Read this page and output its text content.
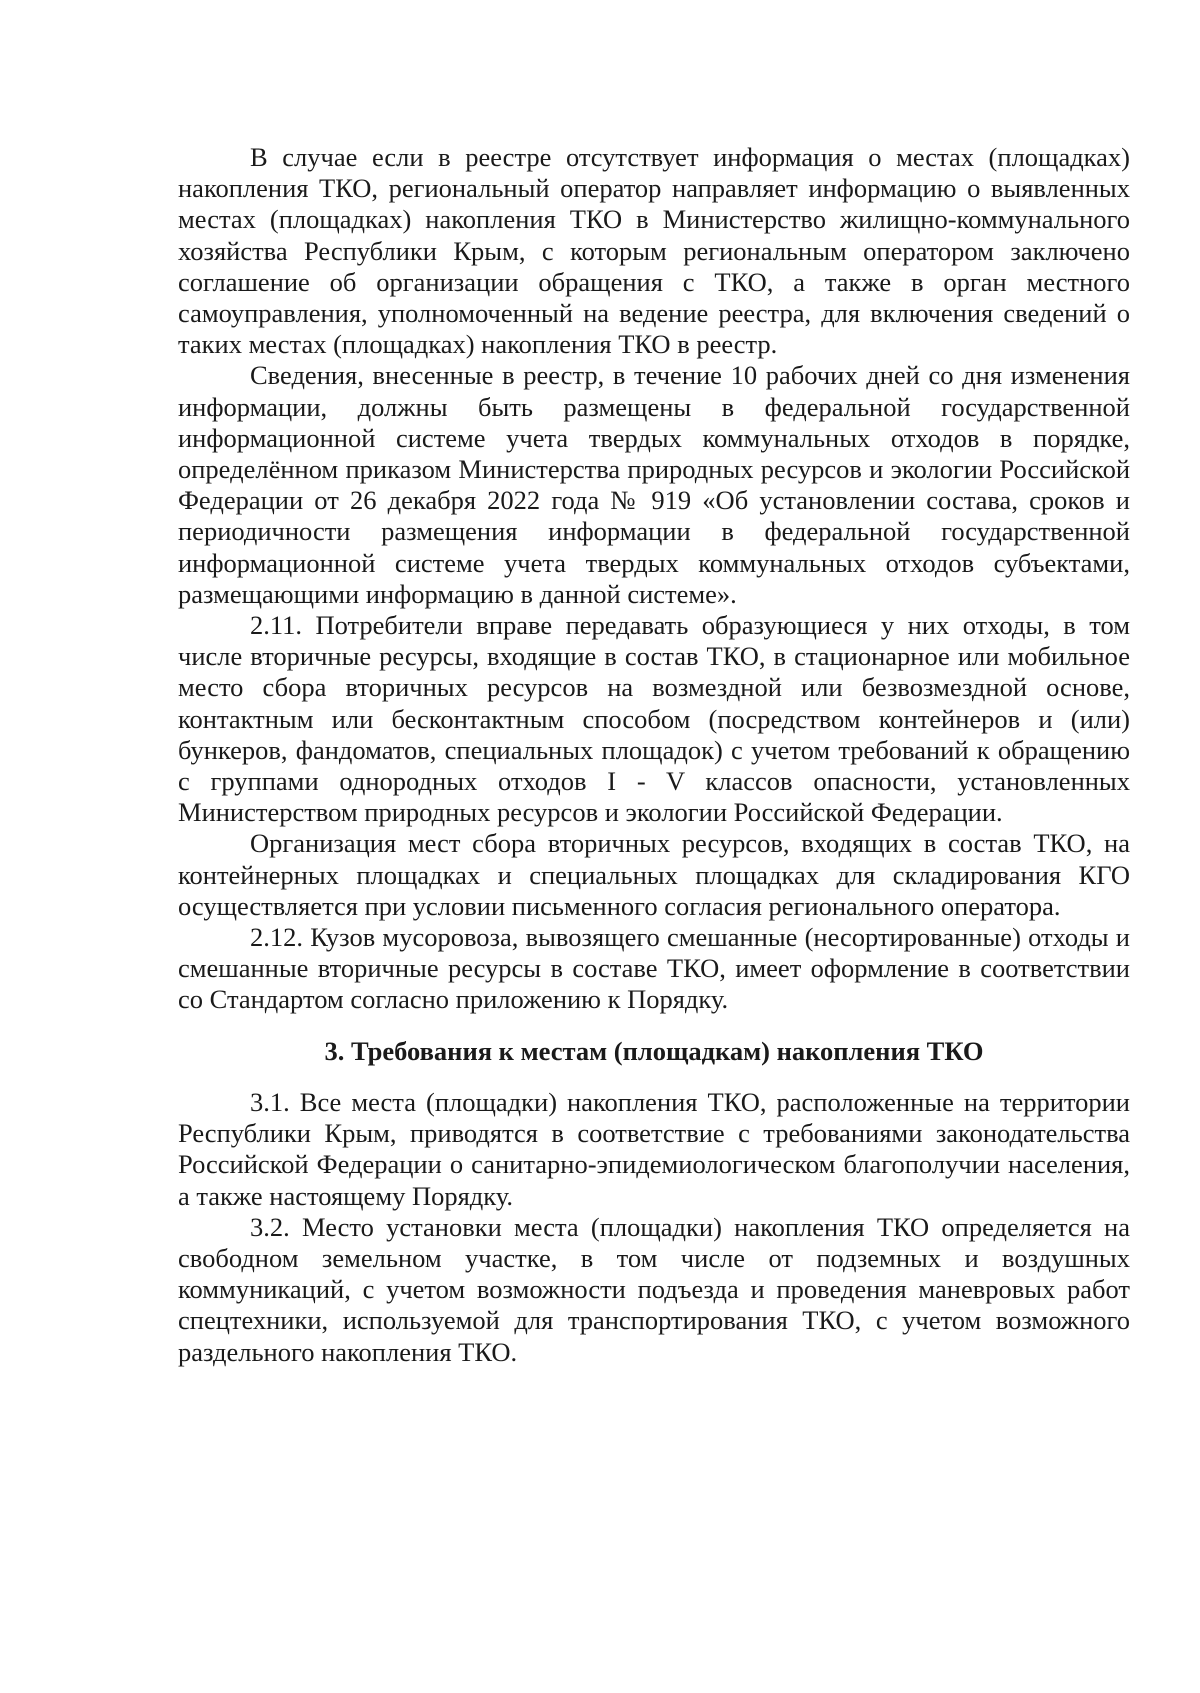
В случае если в реестре отсутствует информация о местах (площадках) накопления ТКО, региональный оператор направляет информацию о выявленных местах (площадках) накопления ТКО в Министерство жилищно-коммунального хозяйства Республики Крым, с которым региональным оператором заключено соглашение об организации обращения с ТКО, а также в орган местного самоуправления, уполномоченный на ведение реестра, для включения сведений о таких местах (площадках) накопления ТКО в реестр.

Сведения, внесенные в реестр, в течение 10 рабочих дней со дня изменения информации, должны быть размещены в федеральной государственной информационной системе учета твердых коммунальных отходов в порядке, определённом приказом Министерства природных ресурсов и экологии Российской Федерации от 26 декабря 2022 года № 919 «Об установлении состава, сроков и периодичности размещения информации в федеральной государственной информационной системе учета твердых коммунальных отходов субъектами, размещающими информацию в данной системе».

2.11. Потребители вправе передавать образующиеся у них отходы, в том числе вторичные ресурсы, входящие в состав ТКО, в стационарное или мобильное место сбора вторичных ресурсов на возмездной или безвозмездной основе, контактным или бесконтактным способом (посредством контейнеров и (или) бункеров, фандоматов, специальных площадок) с учетом требований к обращению с группами однородных отходов I - V классов опасности, установленных Министерством природных ресурсов и экологии Российской Федерации.

Организация мест сбора вторичных ресурсов, входящих в состав ТКО, на контейнерных площадках и специальных площадках для складирования КГО осуществляется при условии письменного согласия регионального оператора.

2.12. Кузов мусоровоза, вывозящего смешанные (несортированные) отходы и смешанные вторичные ресурсы в составе ТКО, имеет оформление в соответствии со Стандартом согласно приложению к Порядку.

3. Требования к местам (площадкам) накопления ТКО

3.1. Все места (площадки) накопления ТКО, расположенные на территории Республики Крым, приводятся в соответствие с требованиями законодательства Российской Федерации о санитарно-эпидемиологическом благополучии населения, а также настоящему Порядку.

3.2. Место установки места (площадки) накопления ТКО определяется на свободном земельном участке, в том числе от подземных и воздушных коммуникаций, с учетом возможности подъезда и проведения маневровых работ спецтехники, используемой для транспортирования ТКО, с учетом возможного раздельного накопления ТКО.
